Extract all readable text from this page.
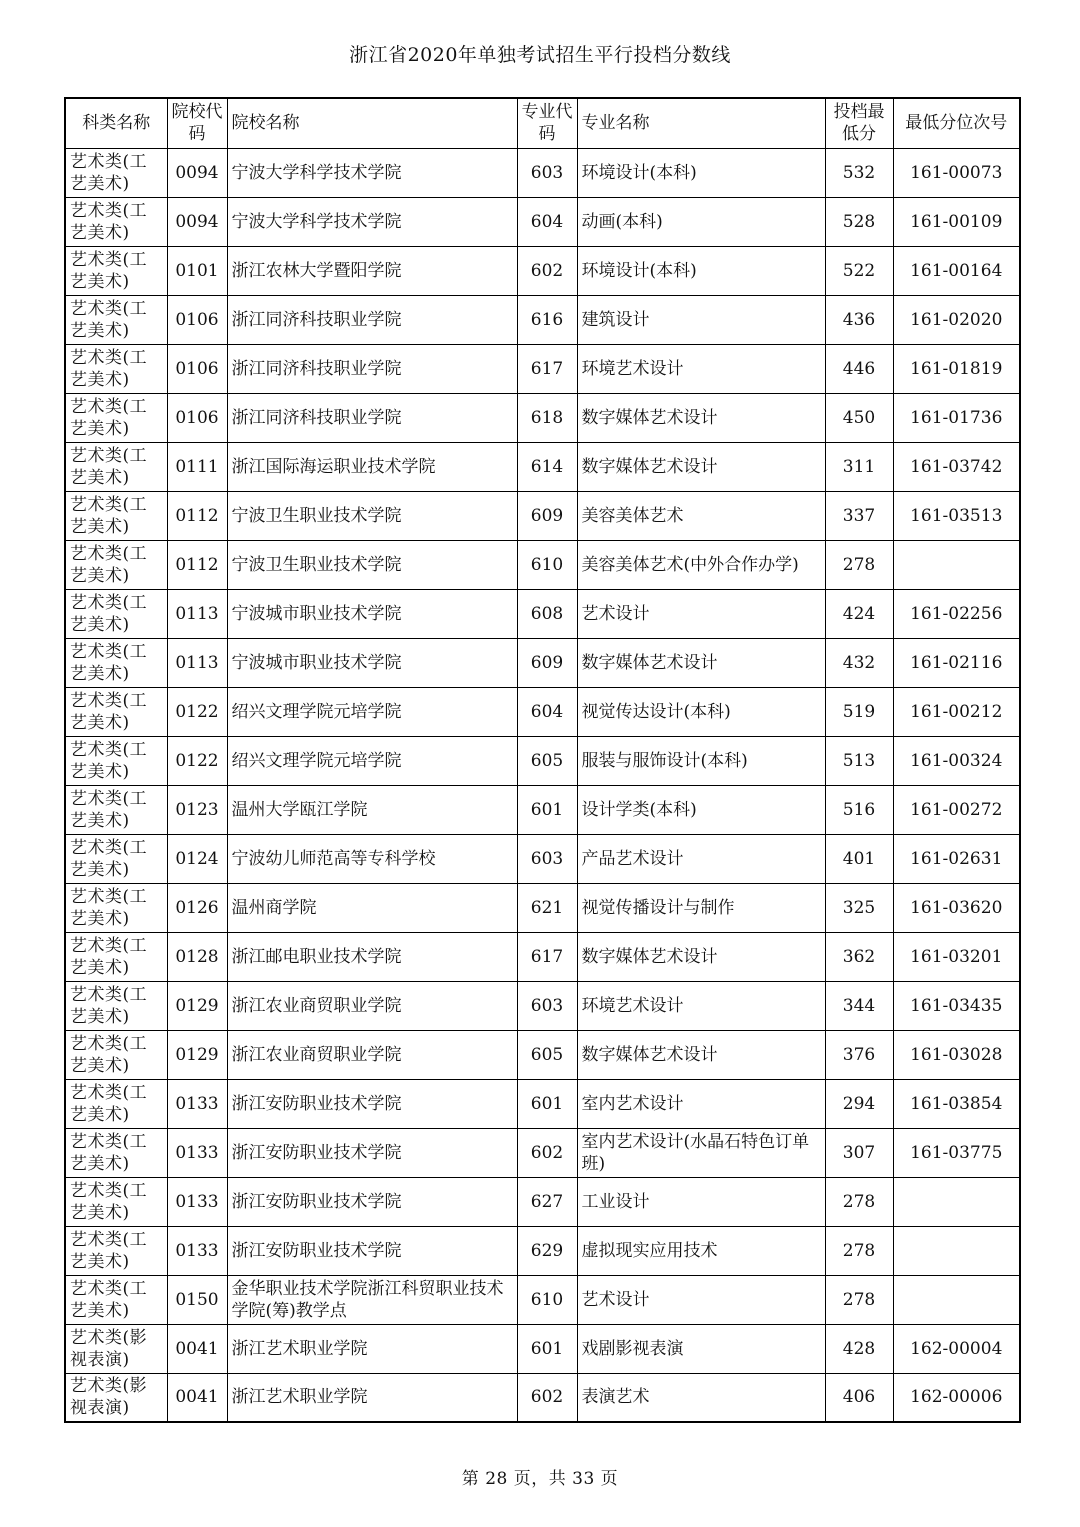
浙江省2020年单独考试招生平行投档分数线
科类名称	院校代码	院校名称	专业代码	专业名称	投档最低分	最低分位次号
艺术类(工艺美术)	0094	宁波大学科学技术学院	603	环境设计(本科)	532	161-00073
艺术类(工艺美术)	0094	宁波大学科学技术学院	604	动画(本科)	528	161-00109
艺术类(工艺美术)	0101	浙江农林大学暨阳学院	602	环境设计(本科)	522	161-00164
艺术类(工艺美术)	0106	浙江同济科技职业学院	616	建筑设计	436	161-02020
艺术类(工艺美术)	0106	浙江同济科技职业学院	617	环境艺术设计	446	161-01819
艺术类(工艺美术)	0106	浙江同济科技职业学院	618	数字媒体艺术设计	450	161-01736
艺术类(工艺美术)	0111	浙江国际海运职业技术学院	614	数字媒体艺术设计	311	161-03742
艺术类(工艺美术)	0112	宁波卫生职业技术学院	609	美容美体艺术	337	161-03513
艺术类(工艺美术)	0112	宁波卫生职业技术学院	610	美容美体艺术(中外合作办学)	278	
艺术类(工艺美术)	0113	宁波城市职业技术学院	608	艺术设计	424	161-02256
艺术类(工艺美术)	0113	宁波城市职业技术学院	609	数字媒体艺术设计	432	161-02116
艺术类(工艺美术)	0122	绍兴文理学院元培学院	604	视觉传达设计(本科)	519	161-00212
艺术类(工艺美术)	0122	绍兴文理学院元培学院	605	服装与服饰设计(本科)	513	161-00324
艺术类(工艺美术)	0123	温州大学瓯江学院	601	设计学类(本科)	516	161-00272
艺术类(工艺美术)	0124	宁波幼儿师范高等专科学校	603	产品艺术设计	401	161-02631
艺术类(工艺美术)	0126	温州商学院	621	视觉传播设计与制作	325	161-03620
艺术类(工艺美术)	0128	浙江邮电职业技术学院	617	数字媒体艺术设计	362	161-03201
艺术类(工艺美术)	0129	浙江农业商贸职业学院	603	环境艺术设计	344	161-03435
艺术类(工艺美术)	0129	浙江农业商贸职业学院	605	数字媒体艺术设计	376	161-03028
艺术类(工艺美术)	0133	浙江安防职业技术学院	601	室内艺术设计	294	161-03854
艺术类(工艺美术)	0133	浙江安防职业技术学院	602	室内艺术设计(水晶石特色订单班)	307	161-03775
艺术类(工艺美术)	0133	浙江安防职业技术学院	627	工业设计	278	
艺术类(工艺美术)	0133	浙江安防职业技术学院	629	虚拟现实应用技术	278	
艺术类(工艺美术)	0150	金华职业技术学院浙江科贸职业技术学院(筹)教学点	610	艺术设计	278	
艺术类(影视表演)	0041	浙江艺术职业学院	601	戏剧影视表演	428	162-00004
艺术类(影视表演)	0041	浙江艺术职业学院	602	表演艺术	406	162-00006
第 28 页，共 33 页
